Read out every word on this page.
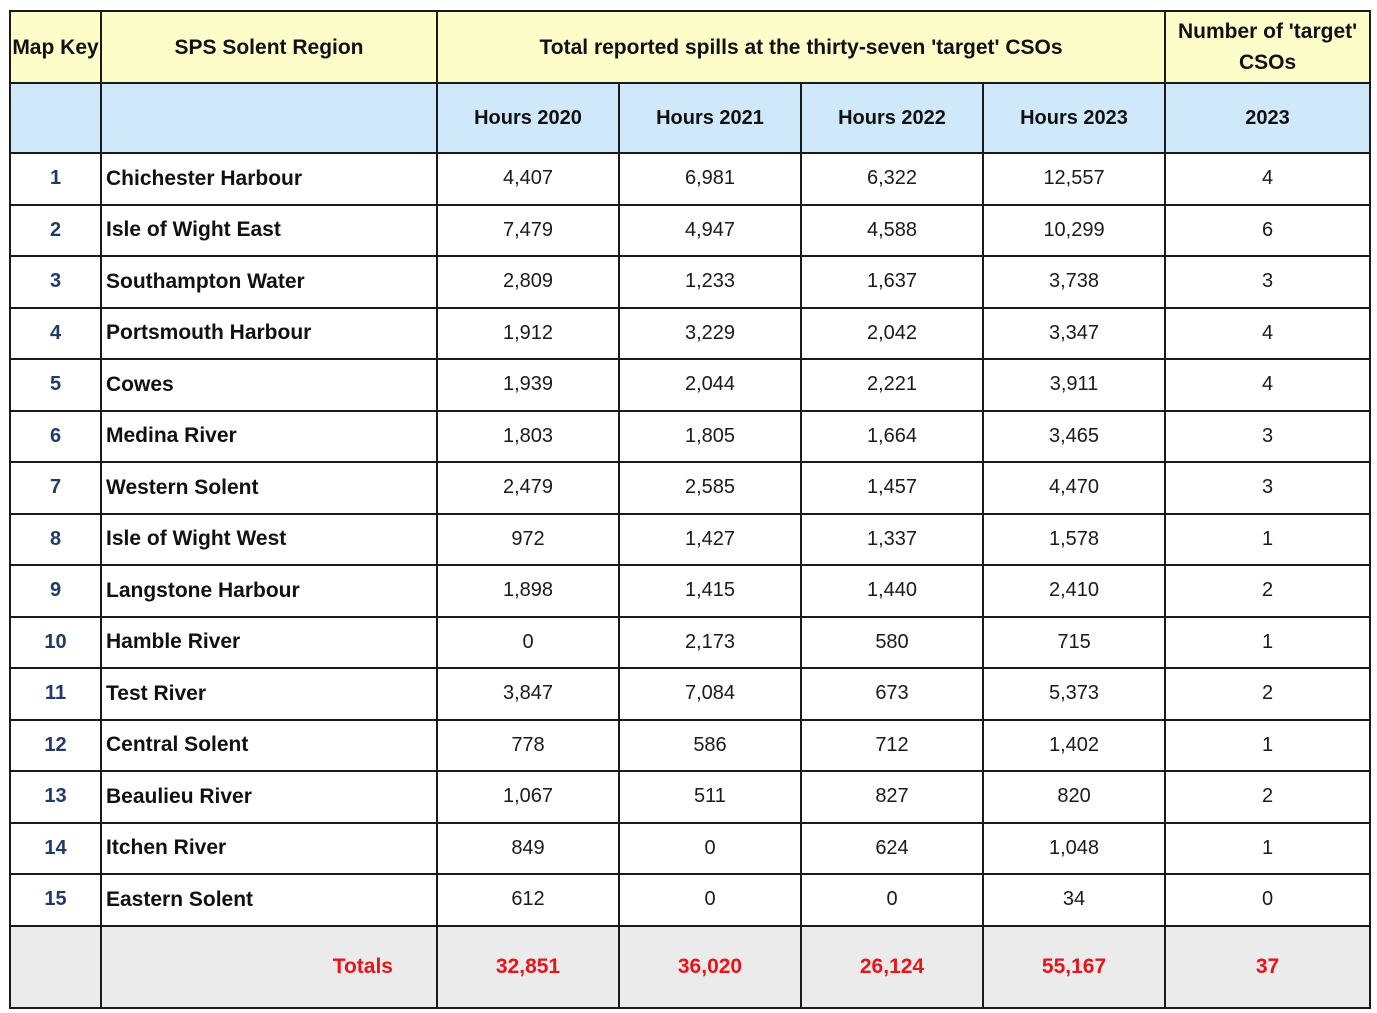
Map Key	SPS Solent Region	Total reported spills at the thirty-seven 'target' CSOs				Number of 'target' CSOs
		Hours 2020	Hours 2021	Hours 2022	Hours 2023	2023
1	Chichester Harbour	4,407	6,981	6,322	12,557	4
2	Isle of Wight East	7,479	4,947	4,588	10,299	6
3	Southampton Water	2,809	1,233	1,637	3,738	3
4	Portsmouth Harbour	1,912	3,229	2,042	3,347	4
5	Cowes	1,939	2,044	2,221	3,911	4
6	Medina River	1,803	1,805	1,664	3,465	3
7	Western Solent	2,479	2,585	1,457	4,470	3
8	Isle of Wight West	972	1,427	1,337	1,578	1
9	Langstone Harbour	1,898	1,415	1,440	2,410	2
10	Hamble River	0	2,173	580	715	1
11	Test River	3,847	7,084	673	5,373	2
12	Central Solent	778	586	712	1,402	1
13	Beaulieu River	1,067	511	827	820	2
14	Itchen River	849	0	624	1,048	1
15	Eastern Solent	612	0	0	34	0
	Totals	32,851	36,020	26,124	55,167	37
